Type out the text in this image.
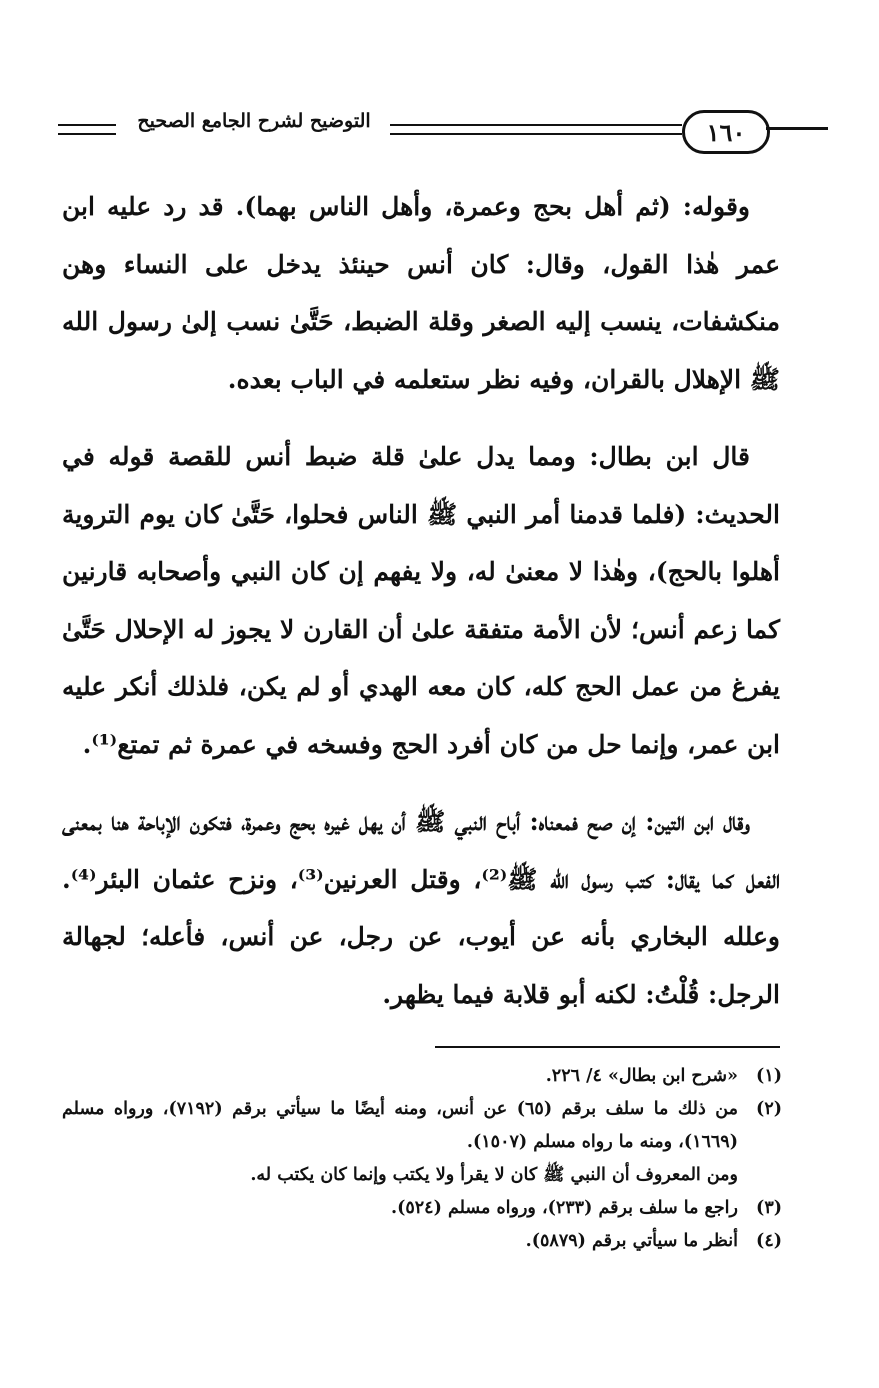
التوضيح لشرح الجامع الصحيح	١٦٠

وقوله: (ثم أهل بحج وعمرة، وأهل الناس بهما). قد رد عليه ابن عمر هٰذا القول، وقال: كان أنس حينئذ يدخل على النساء وهن منكشفات، ينسب إليه الصغر وقلة الضبط، حَتَّىٰ نسب إلىٰ رسول الله ﷺ الإهلال بالقران، وفيه نظر ستعلمه في الباب بعده.

قال ابن بطال: ومما يدل علىٰ قلة ضبط أنس للقصة قوله في الحديث: (فلما قدمنا أمر النبي ﷺ الناس فحلوا، حَتَّىٰ كان يوم التروية أهلوا بالحج)، وهٰذا لا معنىٰ له، ولا يفهم إن كان النبي وأصحابه قارنين كما زعم أنس؛ لأن الأمة متفقة علىٰ أن القارن لا يجوز له الإحلال حَتَّىٰ يفرغ من عمل الحج كله، كان معه الهدي أو لم يكن، فلذلك أنكر عليه ابن عمر، وإنما حل من كان أفرد الحج وفسخه في عمرة ثم تمتع⁽¹⁾.

وقال ابن التين: إن صح فمعناه: أباح النبي ﷺ أن يهل غيره بحج وعمرة، فتكون الإباحة هنا بمعنى الفعل كما يقال: كتب رسول الله ﷺ⁽²⁾، وقتل العرنين⁽³⁾، ونزح عثمان البئر⁽⁴⁾. وعلله البخاري بأنه عن أيوب، عن رجل، عن أنس، فأعله؛ لجهالة الرجل: قُلْتُ: لكنه أبو قلابة فيما يظهر.

(١)
«شرح ابن بطال» ٤/ ٢٢٦.
(٢)
من ذلك ما سلف برقم (٦٥) عن أنس، ومنه أيضًا ما سيأتي برقم (٧١٩٢)، ورواه مسلم (١٦٦٩)، ومنه ما رواه مسلم (١٥٠٧).
ومن المعروف أن النبي ﷺ كان لا يقرأ ولا يكتب وإنما كان يكتب له.
(٣)
راجع ما سلف برقم (٢٣٣)، ورواه مسلم (٥٢٤).
(٤)
أنظر ما سيأتي برقم (٥٨٧٩).
